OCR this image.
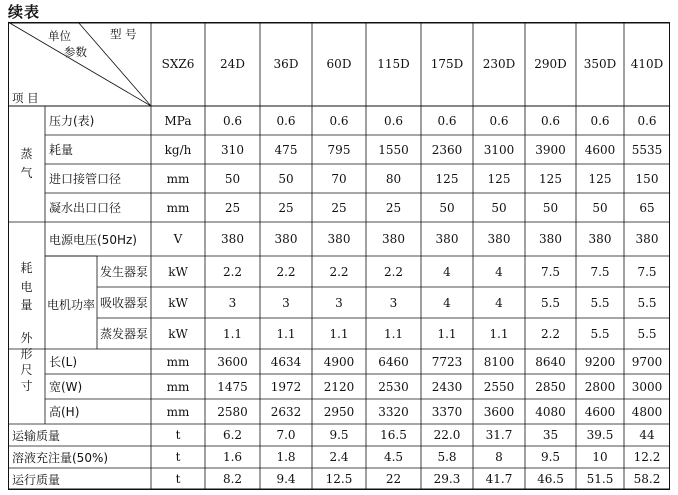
续表
型 号
单位
参数
项 目
蒸
气
耗
电
量
外
形
尺
寸
电机功率
SXZ6	24D	36D	60D	115D	175D	230D	290D	350D	410D
压力(表)	MPa	0.6	0.6	0.6	0.6	0.6	0.6	0.6	0.6	0.6
耗量	kg/h	310	475	795	1550	2360	3100	3900	4600	5535
进口接管口径	mm	50	50	70	80	125	125	125	125	150
凝水出口口径	mm	25	25	25	25	50	50	50	50	65
电源电压(50Hz)	V	380	380	380	380	380	380	380	380	380
发生器泵	kW	2.2	2.2	2.2	2.2	4	4	7.5	7.5	7.5
吸收器泵	kW	3	3	3	3	4	4	5.5	5.5	5.5
蒸发器泵	kW	1.1	1.1	1.1	1.1	1.1	1.1	2.2	5.5	5.5
长(L)	mm	3600	4634	4900	6460	7723	8100	8640	9200	9700
宽(W)	mm	1475	1972	2120	2530	2430	2550	2850	2800	3000
高(H)	mm	2580	2632	2950	3320	3370	3600	4080	4600	4800
运输质量	t	6.2	7.0	9.5	16.5	22.0	31.7	35	39.5	44
溶液充注量(50%)	t	1.6	1.8	2.4	4.5	5.8	8	9.5	10	12.2
运行质量	t	8.2	9.4	12.5	22	29.3	41.7	46.5	51.5	58.2
